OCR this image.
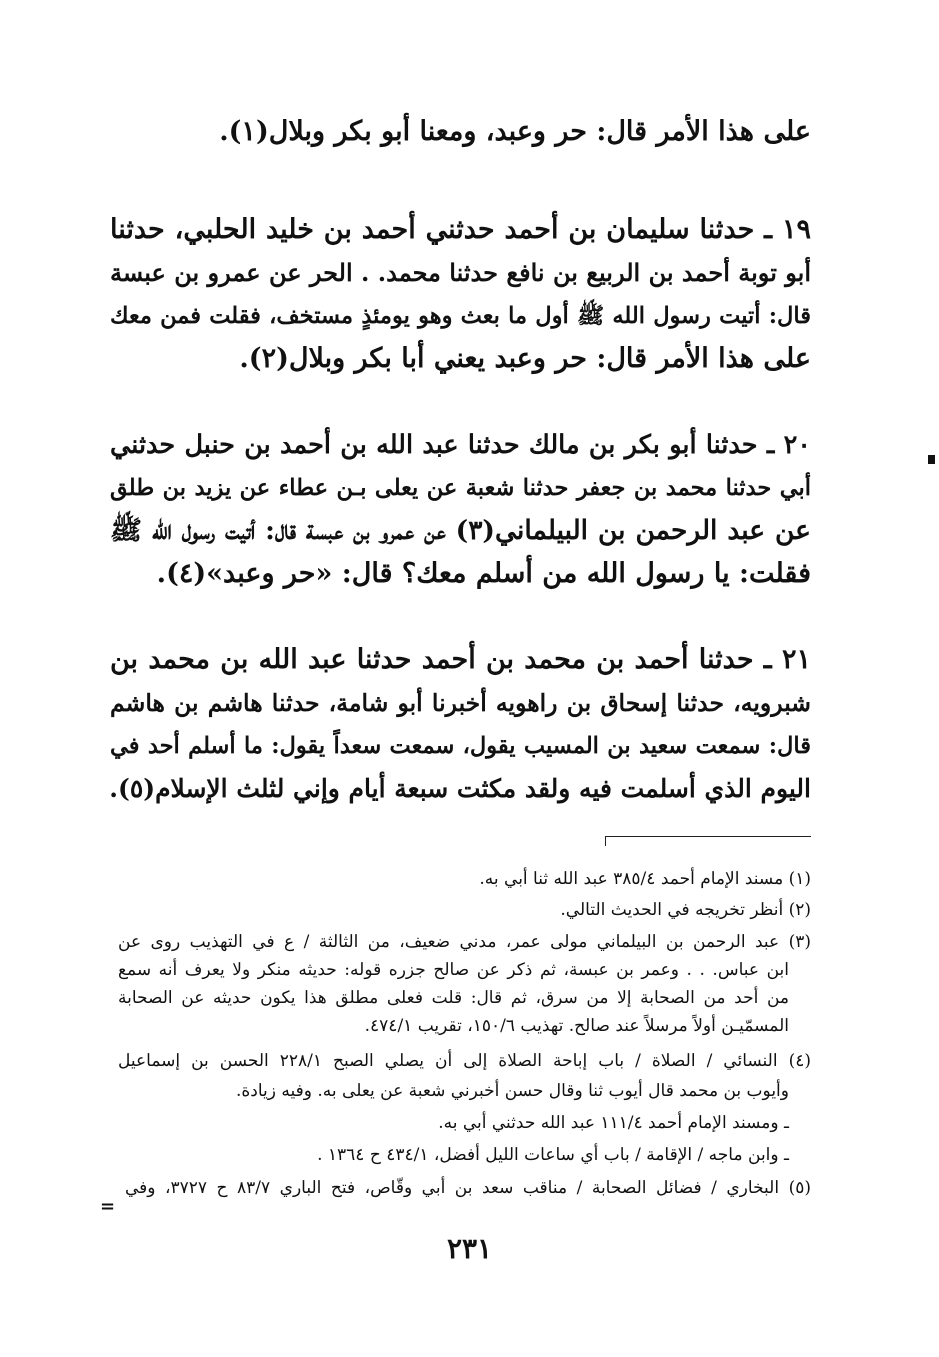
على هذا الأمر قال: حر وعبد، ومعنا أبو بكر وبلال(١).
١٩ ـ حدثنا سليمان بن أحمد حدثني أحمد بن خليد الحلبي، حدثنا
أبو توبة أحمد بن الربيع بن نافع حدثنا محمد. . الحر عن عمرو بن عبسة
قال: أتيت رسول الله ﷺ أول ما بعث وهو يومئذٍ مستخف، فقلت فمن معك
على هذا الأمر قال: حر وعبد يعني أبا بكر وبلال(٢).
٢٠ ـ حدثنا أبو بكر بن مالك حدثنا عبد الله بن أحمد بن حنبل حدثني
أبي حدثنا محمد بن جعفر حدثنا شعبة عن يعلى بـن عطاء عن يزيد بن طلق
عن عبد الرحمن بن البيلماني(٣) عن عمرو بن عبسة قال: أتيت رسول الله ﷺ
فقلت: يا رسول الله من أسلم معك؟ قال: «حر وعبد»(٤).
٢١ ـ حدثنا أحمد بن محمد بن أحمد حدثنا عبد الله بن محمد بن
شبرويه، حدثنا إسحاق بن راهويه أخبرنا أبو شامة، حدثنا هاشم بن هاشم
قال: سمعت سعيد بن المسيب يقول، سمعت سعداً يقول: ما أسلم أحد في
اليوم الذي أسلمت فيه ولقد مكثت سبعة أيام وإني لثلث الإسلام(٥).
(١) مسند الإمام أحمد ٣٨٥/٤ عبد الله ثنا أبي به.
(٢) أنظر تخريجه في الحديث التالي.
(٣) عبد الرحمن بن البيلماني مولى عمر، مدني ضعيف، من الثالثة / ع في التهذيب روى عن
ابن عباس. . . وعمر بن عبسة، ثم ذكر عن صالح جزره قوله: حديثه منكر ولا يعرف أنه سمع
من أحد من الصحابة إلا من سرق، ثم قال: قلت فعلى مطلق هذا يكون حديثه عن الصحابة
المسمّيـن أولاً مرسلاً عند صالح. تهذيب ١٥٠/٦، تقريب ٤٧٤/١.
(٤) النسائي / الصلاة / باب إباحة الصلاة إلى أن يصلي الصبح ٢٢٨/١ الحسن بن إسماعيل
وأيوب بن محمد قال أيوب ثنا وقال حسن أخبرني شعبة عن يعلى به. وفيه زيادة.
ـ ومسند الإمام أحمد ١١١/٤ عبد الله حدثني أبي به.
ـ وابن ماجه / الإقامة / باب أي ساعات الليل أفضل، ٤٣٤/١ ح ١٣٦٤ .
(٥) البخاري / فضائل الصحابة / مناقب سعد بن أبي وقّاص، فتح الباري ٨٣/٧ ح ٣٧٢٧، وفي
=
٢٣١
